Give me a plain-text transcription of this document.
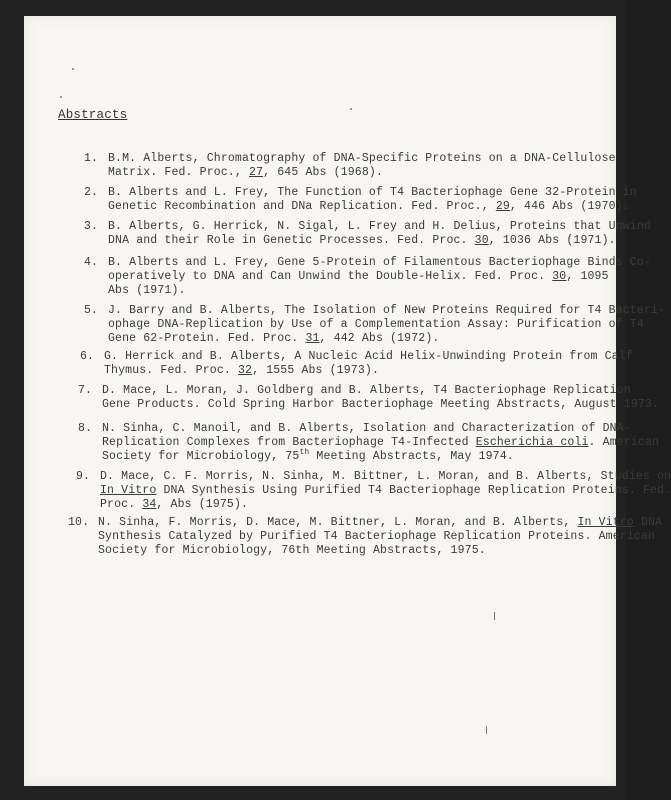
Abstracts
1. B.M. Alberts, Chromatography of DNA-Specific Proteins on a DNA-Cellulose
Matrix. Fed. Proc., 27, 645 Abs (1968).
2. B. Alberts and L. Frey, The Function of T4 Bacteriophage Gene 32-Protein in
Genetic Recombination and DNa Replication. Fed. Proc., 29, 446 Abs (1970).
3. B. Alberts, G. Herrick, N. Sigal, L. Frey and H. Delius, Proteins that Unwind
DNA and their Role in Genetic Processes. Fed. Proc. 30, 1036 Abs (1971).
4. B. Alberts and L. Frey, Gene 5-Protein of Filamentous Bacteriophage Binds Co-
operatively to DNA and Can Unwind the Double-Helix. Fed. Proc. 30, 1095
Abs (1971).
5. J. Barry and B. Alberts, The Isolation of New Proteins Required for T4 Bacteri-
ophage DNA-Replication by Use of a Complementation Assay: Purification of T4
Gene 62-Protein. Fed. Proc. 31, 442 Abs (1972).
6. G. Herrick and B. Alberts, A Nucleic Acid Helix-Unwinding Protein from Calf
Thymus. Fed. Proc. 32, 1555 Abs (1973).
7. D. Mace, L. Moran, J. Goldberg and B. Alberts, T4 Bacteriophage Replication
Gene Products. Cold Spring Harbor Bacteriophage Meeting Abstracts, August 1973.
8. N. Sinha, C. Manoil, and B. Alberts, Isolation and Characterization of DNA-
Replication Complexes from Bacteriophage T4-Infected Escherichia coli. American
Society for Microbiology, 75th Meeting Abstracts, May 1974.
9. D. Mace, C. F. Morris, N. Sinha, M. Bittner, L. Moran, and B. Alberts, Studies on
In Vitro DNA Synthesis Using Purified T4 Bacteriophage Replication Proteins. Fed.
Proc. 34, Abs (1975).
10. N. Sinha, F. Morris, D. Mace, M. Bittner, L. Moran, and B. Alberts, In Vitro DNA
Synthesis Catalyzed by Purified T4 Bacteriophage Replication Proteins. American
Society for Microbiology, 76th Meeting Abstracts, 1975.
